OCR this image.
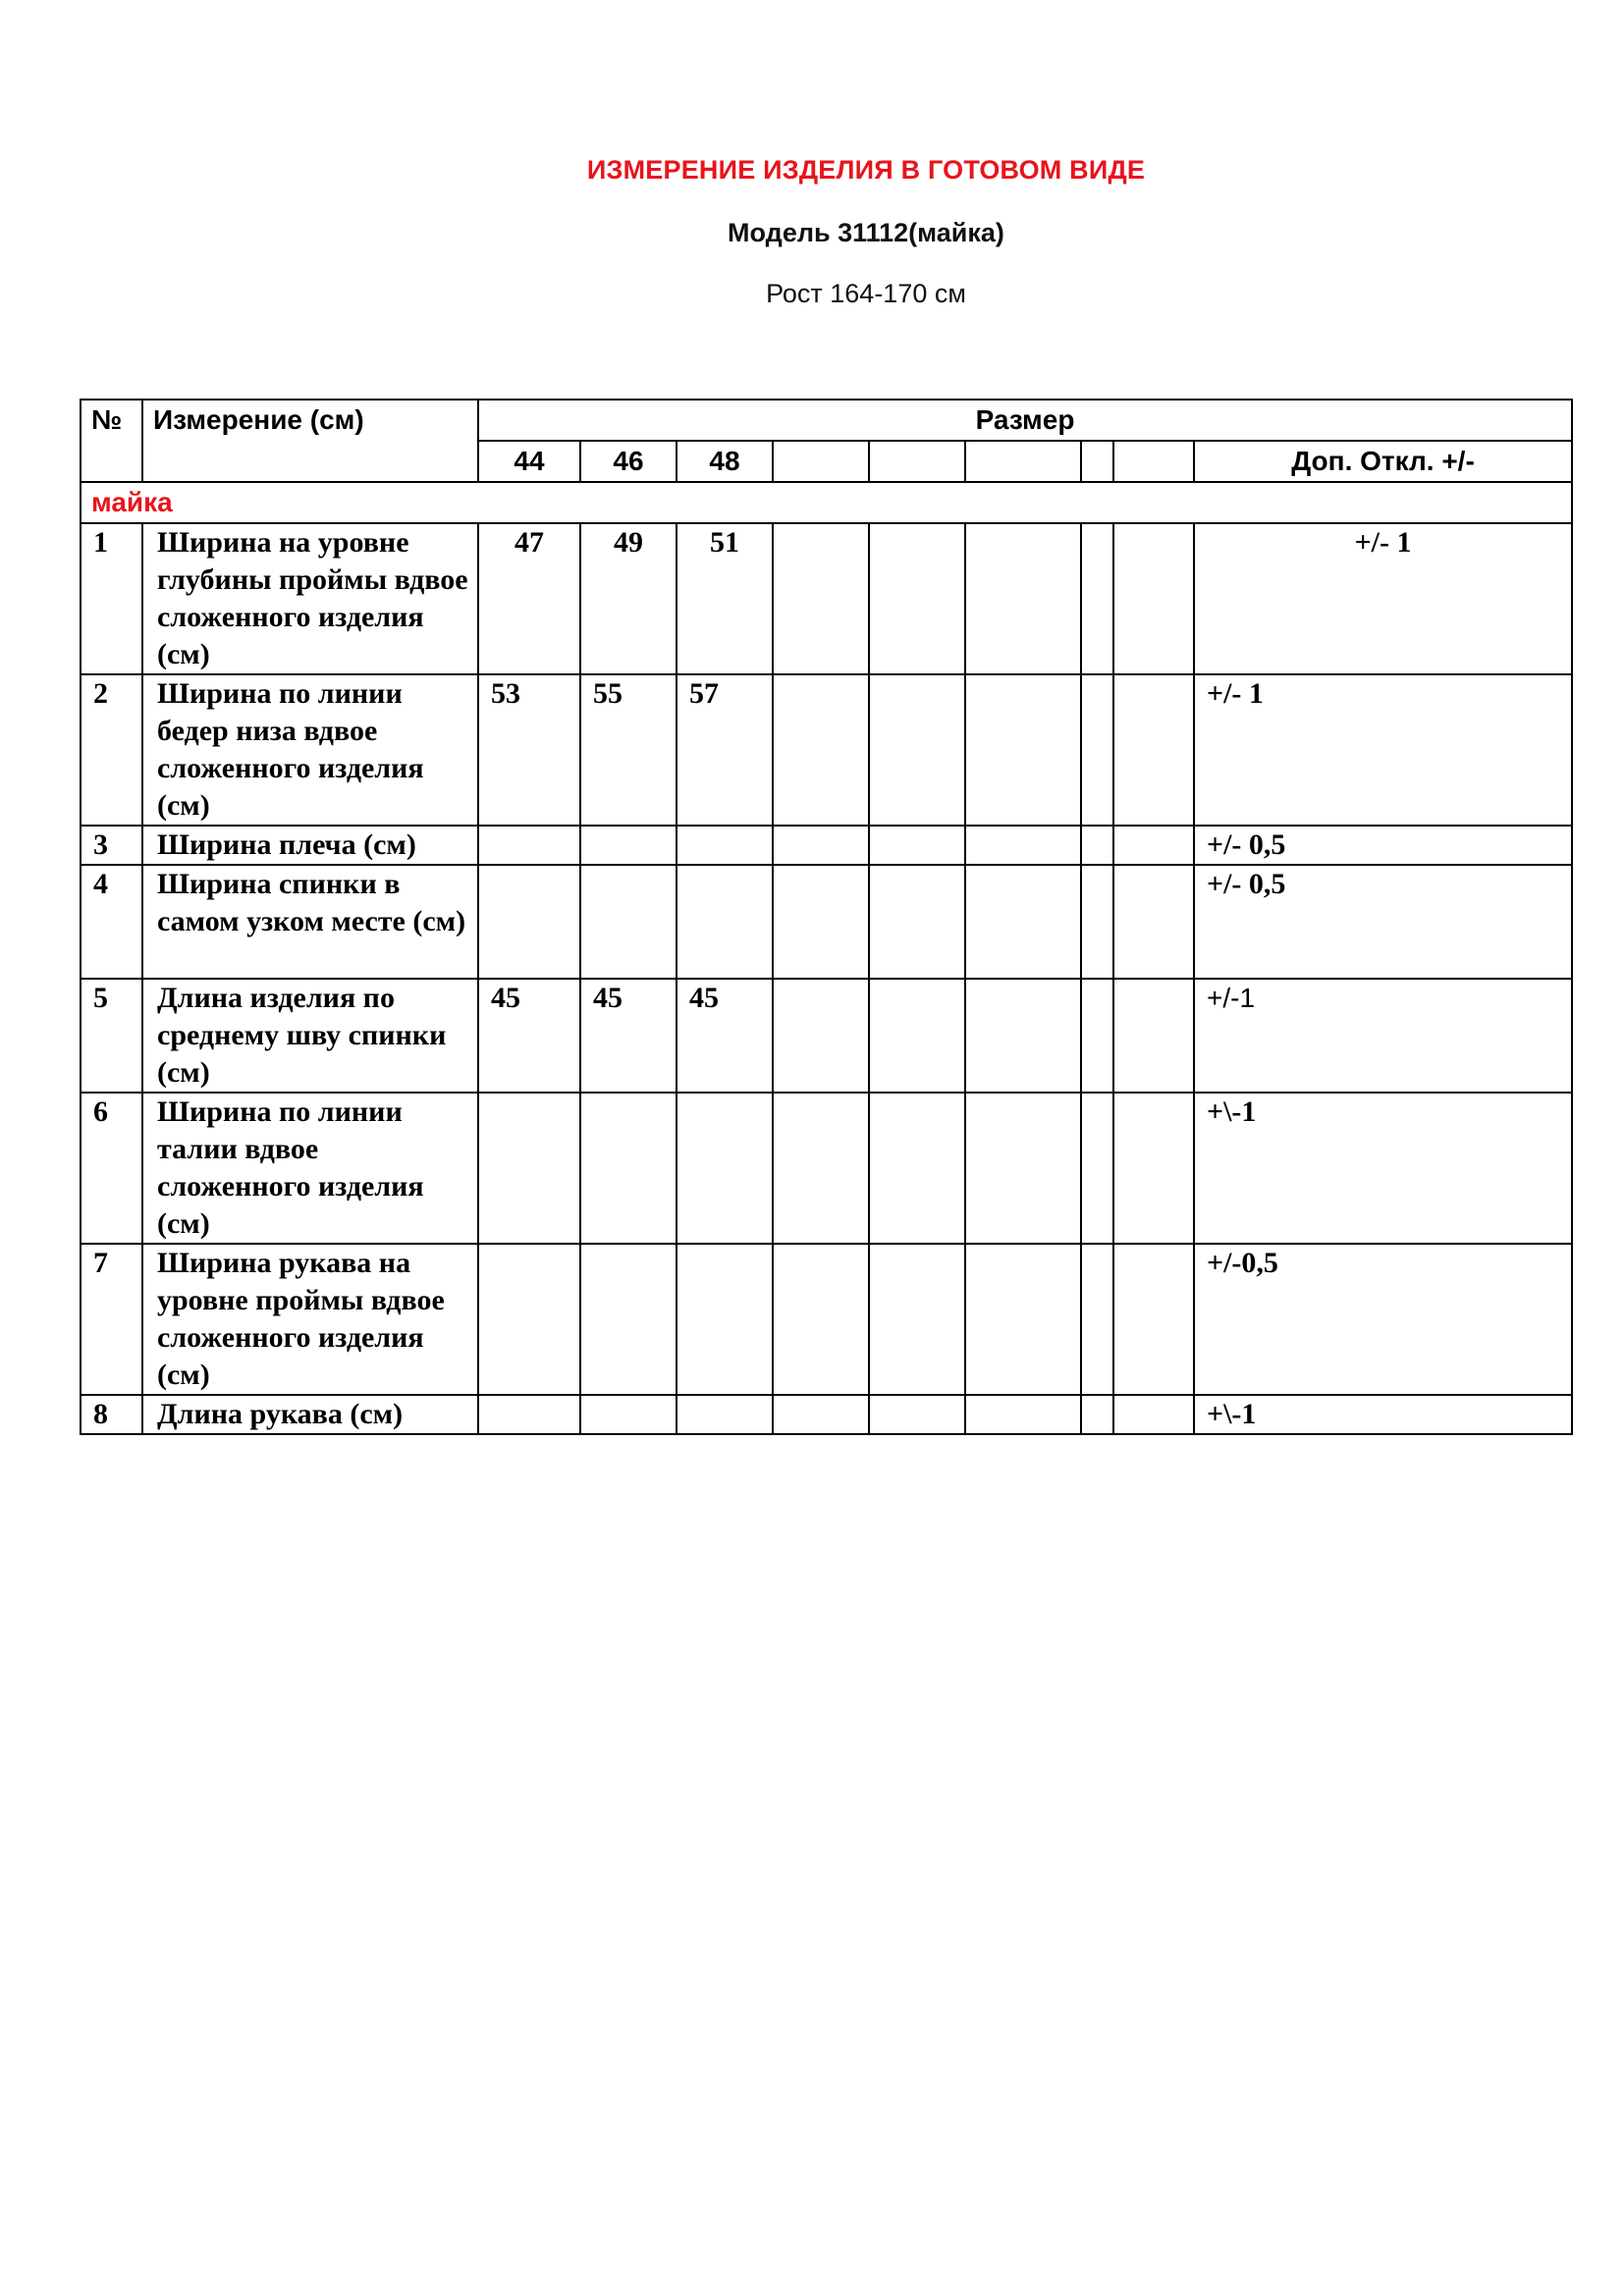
ИЗМЕРЕНИЕ ИЗДЕЛИЯ В ГОТОВОМ ВИДЕ
Модель 31112(майка)
Рост 164-170 см
№	Измерение (см)	Размер								
		44	46	48						Доп. Откл. +/-
майка										
1	Ширина на уровне глубины проймы вдвое сложенного изделия (см)	47	49	51						+/- 1
2	Ширина по линии бедер низа вдвое сложенного изделия (см)	53	55	57						+/- 1
3	Ширина плеча (см)									+/- 0,5
4	Ширина спинки в самом узком месте (см)									+/- 0,5
5	Длина изделия по среднему шву спинки (см)	45	45	45						+/-1
6	Ширина по линии талии вдвое сложенного изделия (см)									+\-1
7	Ширина рукава на уровне проймы вдвое сложенного изделия (см)									+/-0,5
8	Длина рукава (см)									+\-1
